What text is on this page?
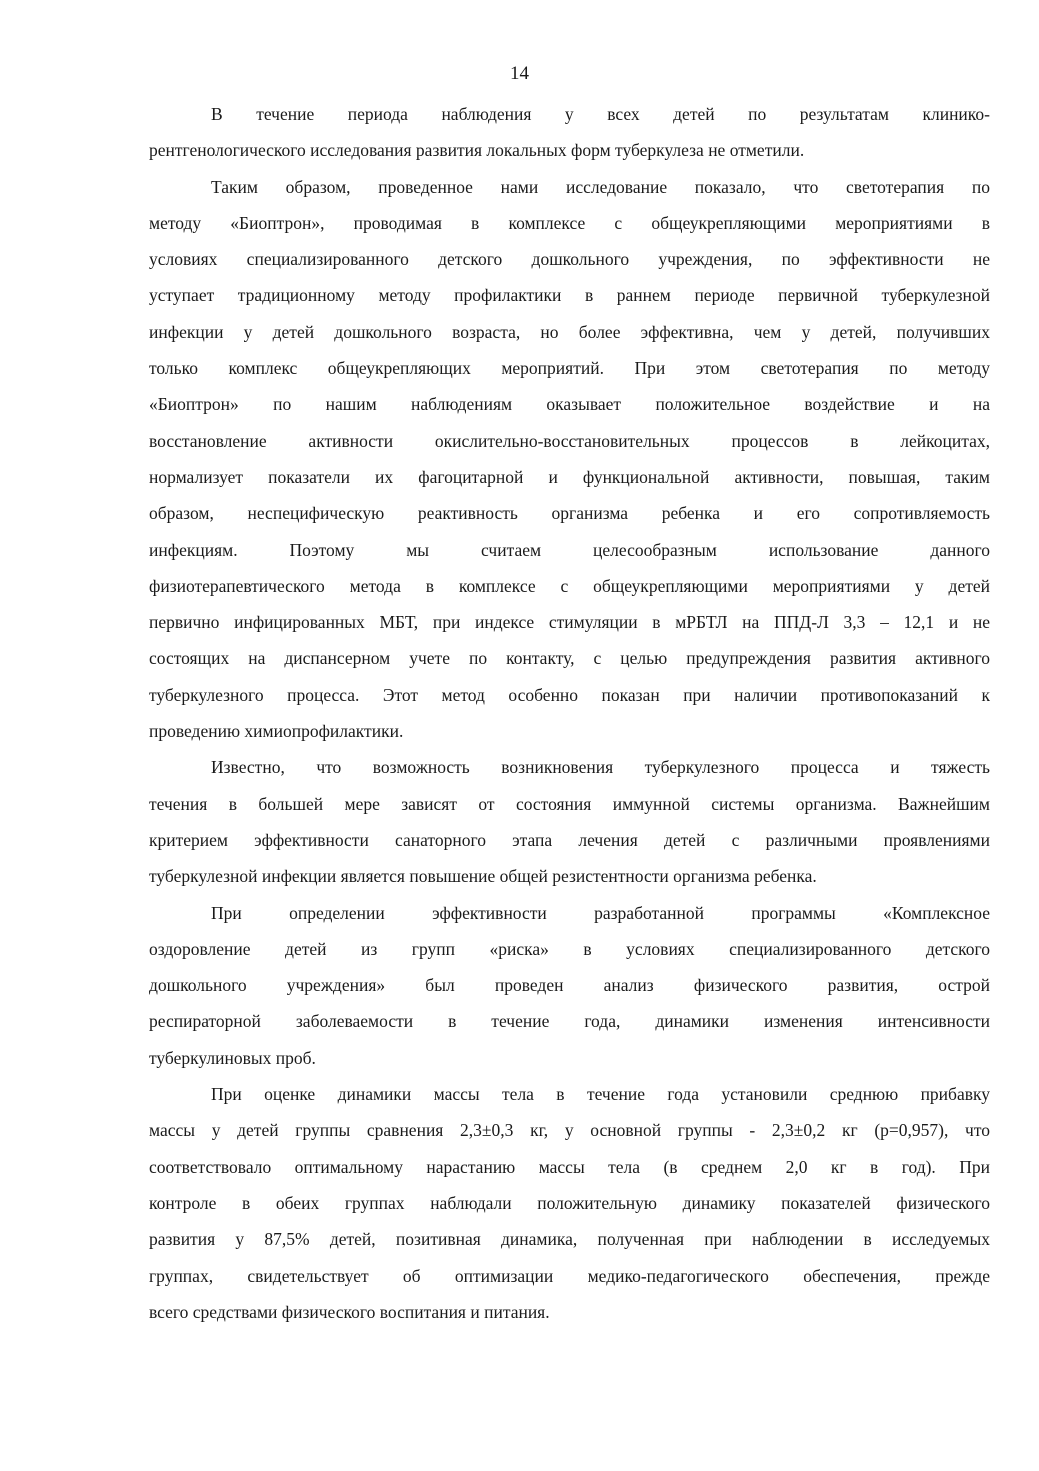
14

В течение периода наблюдения у всех детей по результатам клинико-
рентгенологического исследования развития локальных форм туберкулеза не отметили.

Таким образом, проведенное нами исследование показало, что светотерапия по
методу «Биоптрон», проводимая в комплексе с общеукрепляющими мероприятиями в
условиях специализированного детского дошкольного учреждения, по эффективности не
уступает традиционному методу профилактики в раннем периоде первичной туберкулезной
инфекции у детей дошкольного возраста, но более эффективна, чем у детей, получивших
только комплекс общеукрепляющих мероприятий. При этом светотерапия по методу
«Биоптрон» по нашим наблюдениям оказывает положительное воздействие и на
восстановление активности окислительно-восстановительных процессов в лейкоцитах,
нормализует показатели их фагоцитарной и функциональной активности, повышая, таким
образом, неспецифическую реактивность организма ребенка и его сопротивляемость
инфекциям. Поэтому мы считаем целесообразным использование данного
физиотерапевтического метода в комплексе с общеукрепляющими мероприятиями у детей
первично инфицированных МБТ, при индексе стимуляции в мРБТЛ на ППД-Л 3,3 – 12,1 и не
состоящих на диспансерном учете по контакту, с целью предупреждения развития активного
туберкулезного процесса. Этот метод особенно показан при наличии противопоказаний к
проведению химиопрофилактики.

Известно, что возможность возникновения туберкулезного процесса и тяжесть
течения в большей мере зависят от состояния иммунной системы организма. Важнейшим
критерием эффективности санаторного этапа лечения детей с различными проявлениями
туберкулезной инфекции является повышение общей резистентности организма ребенка.

При определении эффективности разработанной программы «Комплексное
оздоровление детей из групп «риска» в условиях специализированного детского
дошкольного учреждения» был проведен анализ физического развития, острой
респираторной заболеваемости в течение года, динамики изменения интенсивности
туберкулиновых проб.

При оценке динамики массы тела в течение года установили среднюю прибавку
массы у детей группы сравнения 2,3±0,3 кг, у основной группы - 2,3±0,2 кг (р=0,957), что
соответствовало оптимальному нарастанию массы тела (в среднем 2,0 кг в год). При
контроле в обеих группах наблюдали положительную динамику показателей физического
развития у 87,5% детей, позитивная динамика, полученная при наблюдении в исследуемых
группах, свидетельствует об оптимизации медико-педагогического обеспечения, прежде
всего средствами физического воспитания и питания.
